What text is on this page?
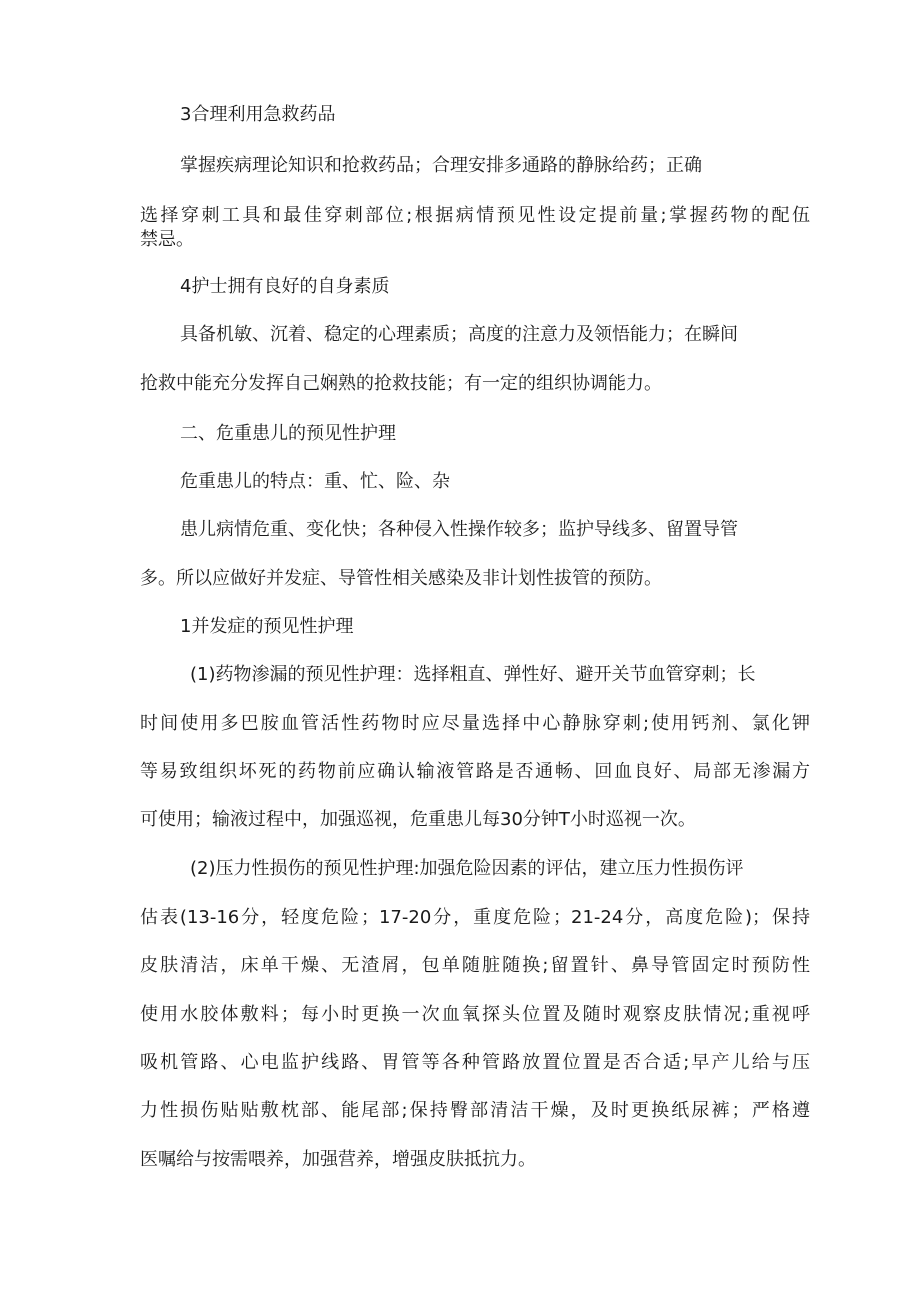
3合理利用急救药品
掌握疾病理论知识和抢救药品；合理安排多通路的静脉给药；正确
选择穿刺工具和最佳穿刺部位;根据病情预见性设定提前量;掌握药物的配伍
禁忌。
4护士拥有良好的自身素质
具备机敏、沉着、稳定的心理素质；高度的注意力及领悟能力；在瞬间
抢救中能充分发挥自己娴熟的抢救技能；有一定的组织协调能力。
二、危重患儿的预见性护理
危重患儿的特点：重、忙、险、杂
患儿病情危重、变化快；各种侵入性操作较多；监护导线多、留置导管
多。所以应做好并发症、导管性相关感染及非计划性拔管的预防。
1并发症的预见性护理
(1)药物渗漏的预见性护理：选择粗直、弹性好、避开关节血管穿刺；长
时间使用多巴胺血管活性药物时应尽量选择中心静脉穿刺;使用钙剂、氯化钾
等易致组织坏死的药物前应确认输液管路是否通畅、回血良好、局部无渗漏方
可使用；输液过程中，加强巡视，危重患儿每30分钟T小时巡视一次。
(2)压力性损伤的预见性护理:加强危险因素的评估，建立压力性损伤评
估表(13-16分，轻度危险；17-20分，重度危险；21-24分，高度危险)；保持
皮肤清洁，床单干燥、无渣屑，包单随脏随换;留置针、鼻导管固定时预防性
使用水胶体敷料；每小时更换一次血氧探头位置及随时观察皮肤情况;重视呼
吸机管路、心电监护线路、胃管等各种管路放置位置是否合适;早产儿给与压
力性损伤贴贴敷枕部、能尾部;保持臀部清洁干燥，及时更换纸尿裤；严格遵
医嘱给与按需喂养，加强营养，增强皮肤抵抗力。
